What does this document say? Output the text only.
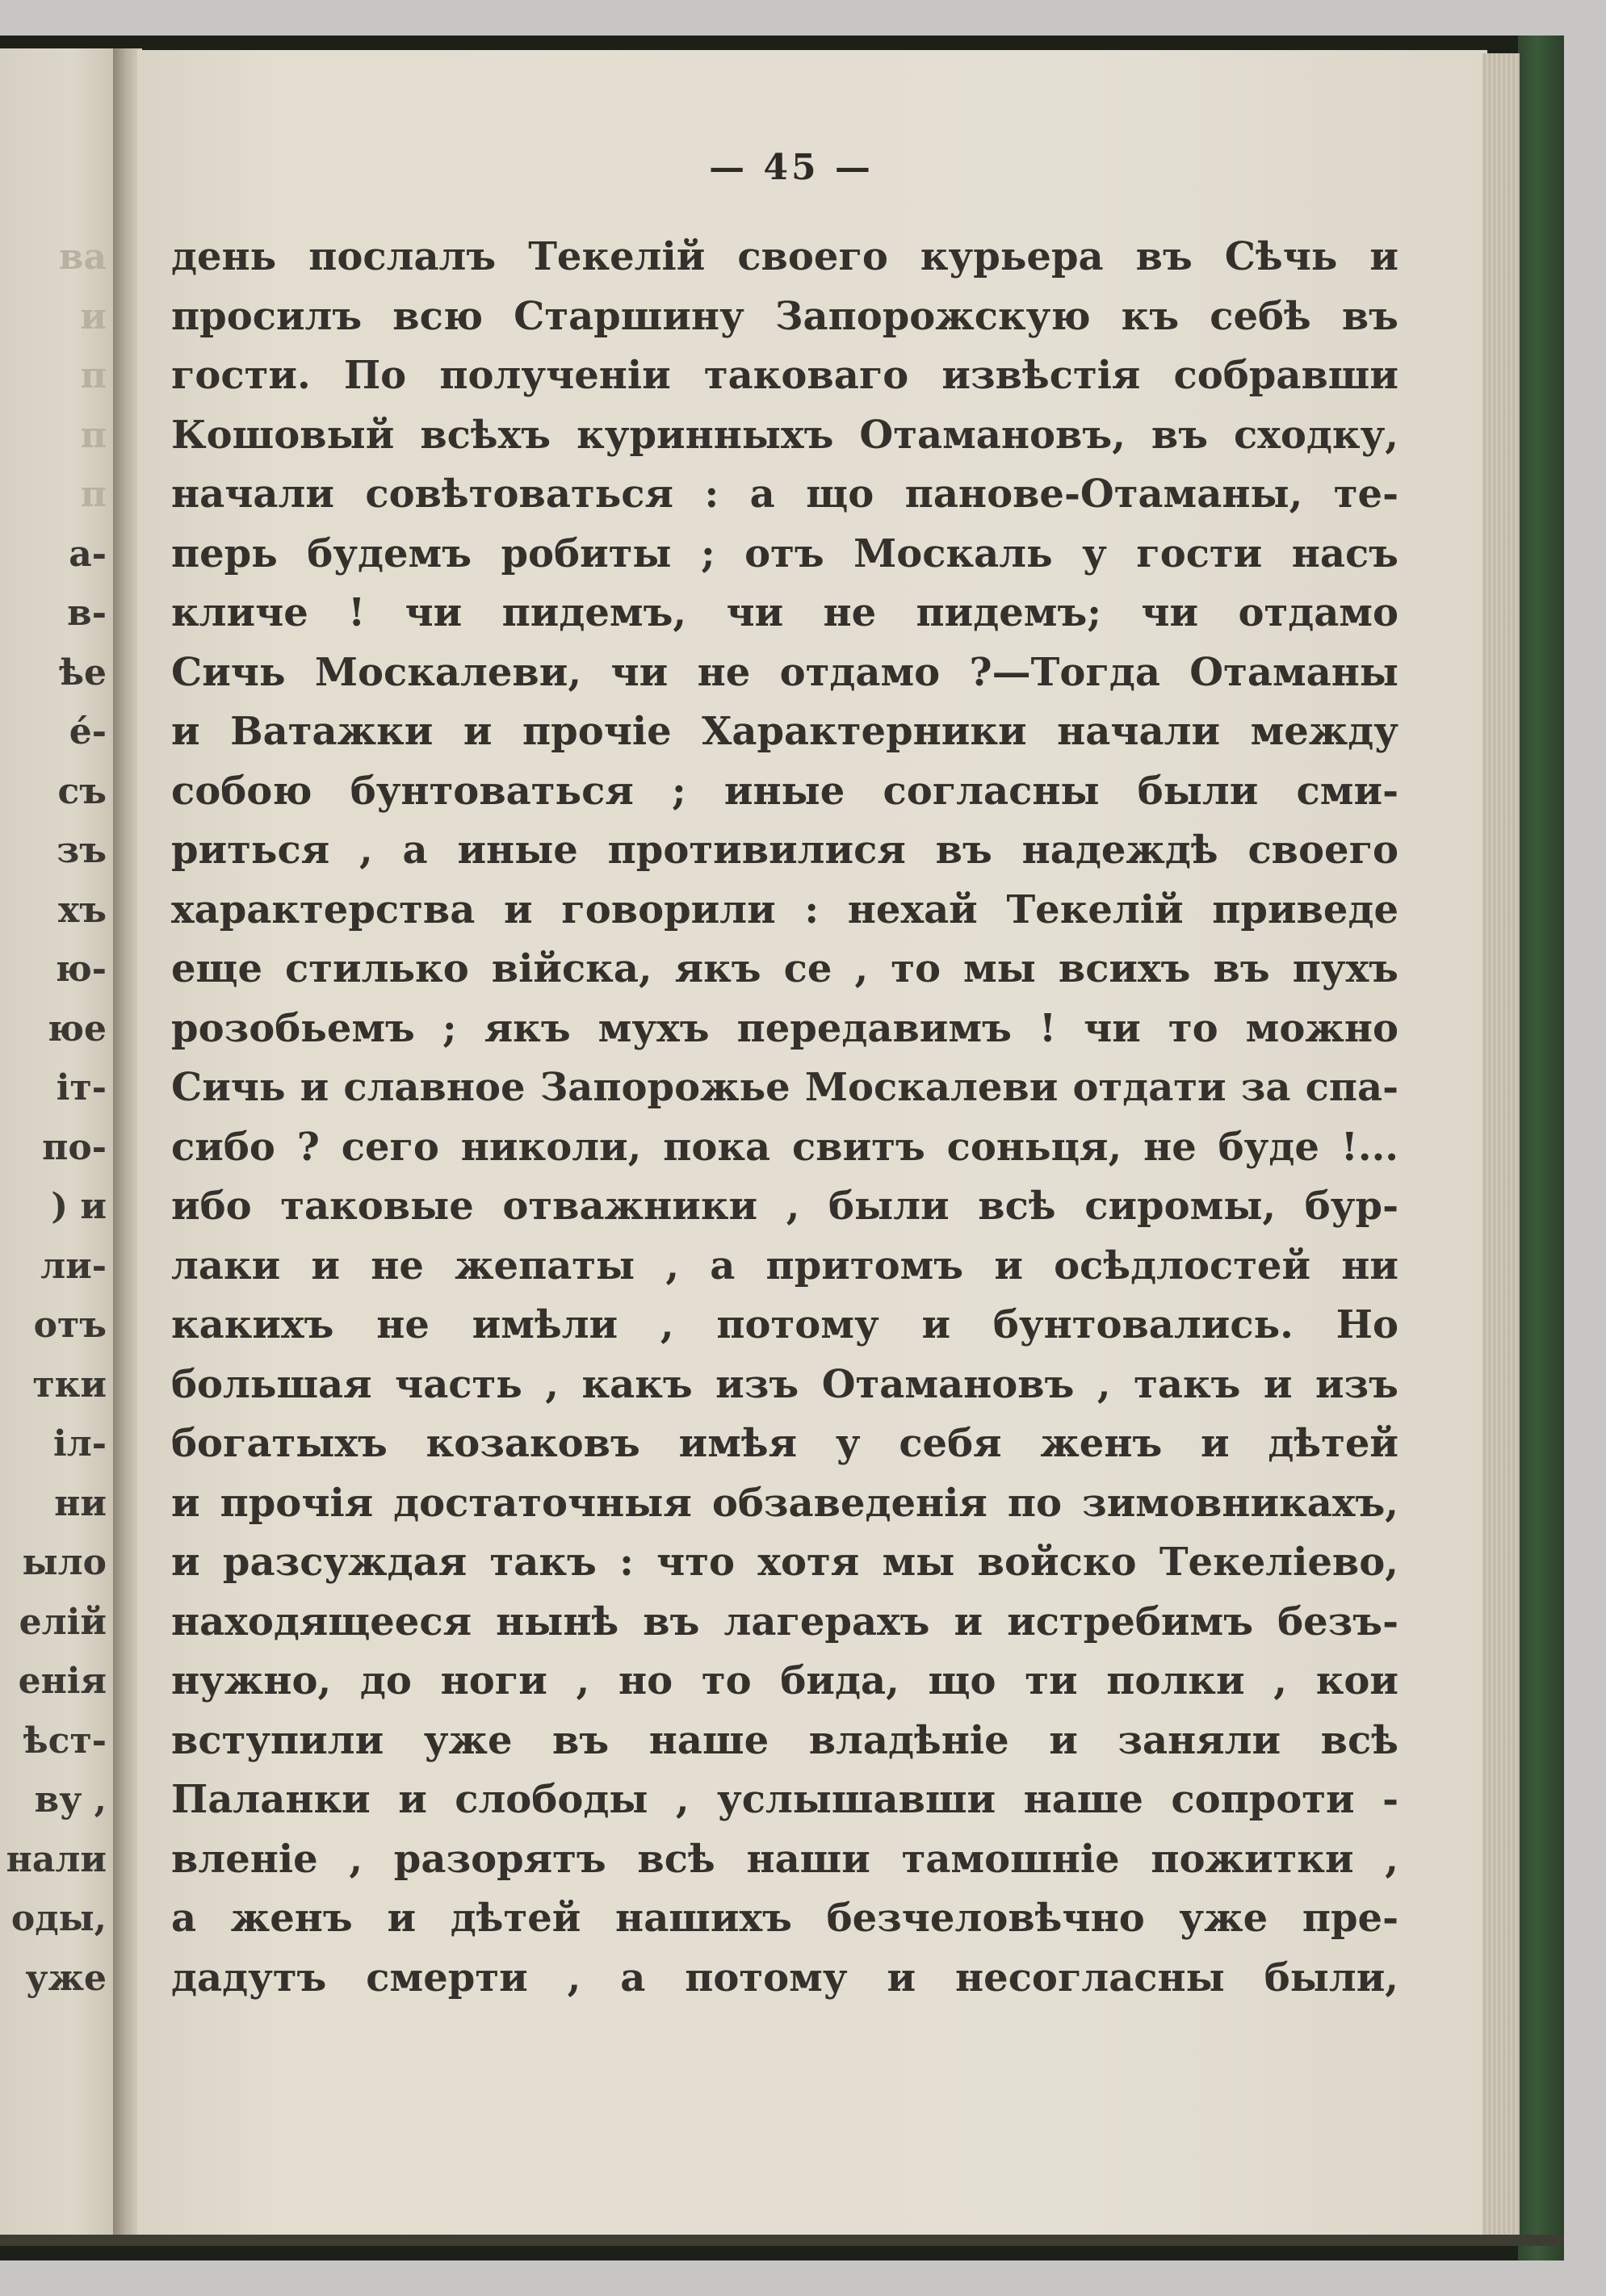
— 45 —
ва
и
п
п
п
а-
в-
ѣе
е́-
съ
зъ
хъ
ю-
юе
іт-
по-
) и
ли-
отъ
тки
іл-
ни
ыло
елій
енія
ѣст-
ву ,
нали
оды,
уже
день послалъ Текелій своего курьера въ Сѣчь и
просилъ всю Старшину Запорожскую къ себѣ въ
гости. По полученіи таковаго извѣстія собравши
Кошовый всѣхъ куринныхъ Отамановъ, въ сходку,
начали совѣтоваться : а що панове-Отаманы, те-
перь будемъ робиты ; отъ Москаль у гости насъ
кличе ! чи пидемъ, чи не пидемъ; чи отдамо
Сичь Москалеви, чи не отдамо ?—Тогда Отаманы
и Ватажки и прочіе Характерники начали между
собою бунтоваться ; иные согласны были сми-
риться , а иные противилися въ надеждѣ своего
характерства и говорили : нехай Текелій приведе
еще стилько війска, якъ се , то мы всихъ въ пухъ
розобьемъ ; якъ мухъ передавимъ ! чи то можно
Сичь и славное Запорожье Москалеви отдати за спа-
сибо ? сего николи, пока свитъ соньця, не буде !...
ибо таковые отважники , были всѣ сиромы, бур-
лаки и не жепаты , а притомъ и осѣдлостей ни
какихъ не имѣли , потому и бунтовались. Но
большая часть , какъ изъ Отамановъ , такъ и изъ
богатыхъ козаковъ имѣя у себя женъ и дѣтей
и прочія достаточныя обзаведенія по зимовникахъ,
и разсуждая такъ : что хотя мы войско Текеліево,
находящееся нынѣ въ лагерахъ и истребимъ безъ-
нужно, до ноги , но то бида, що ти полки , кои
вступили уже въ наше владѣніе и заняли всѣ
Паланки и слободы , услышавши наше сопроти -
вленіе , разорятъ всѣ наши тамошніе пожитки ,
а женъ и дѣтей нашихъ безчеловѣчно уже пре-
дадутъ смерти , а потому и несогласны были,
